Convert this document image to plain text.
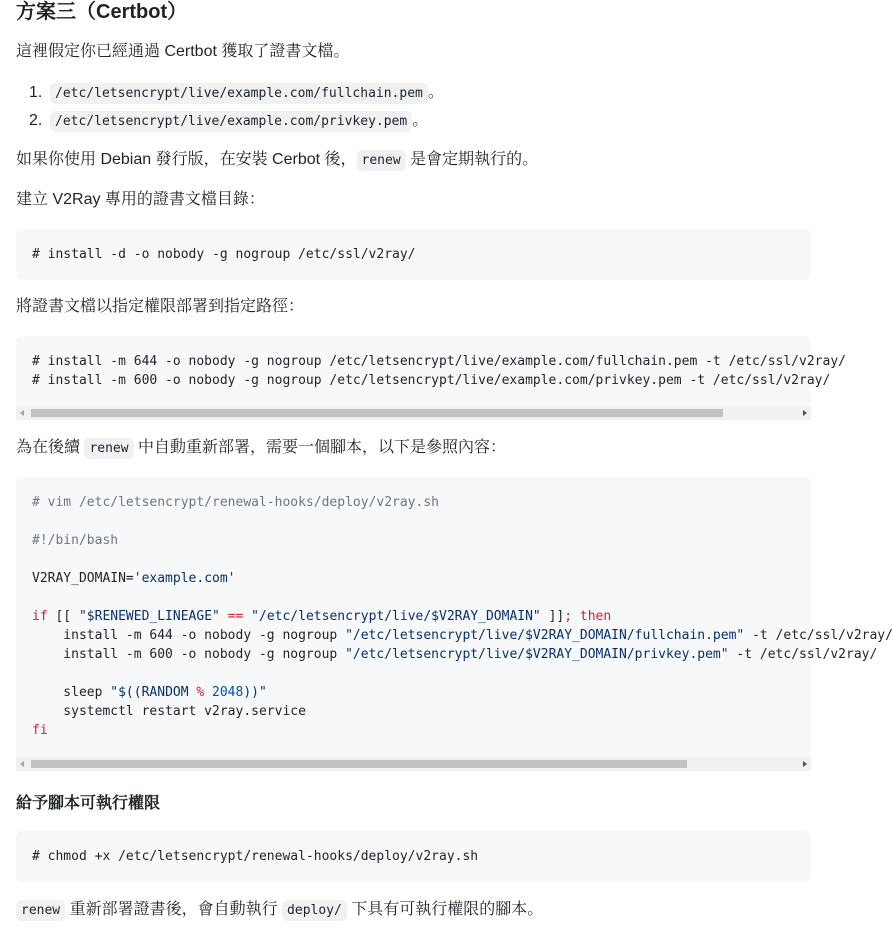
方案三（Certbot）

這裡假定你已經通過 Certbot 獲取了證書文檔。

1. /etc/letsencrypt/live/example.com/fullchain.pem 。
2. /etc/letsencrypt/live/example.com/privkey.pem 。

如果你使用 Debian 發行版，在安裝 Cerbot 後， renew 是會定期執行的。

建立 V2Ray 專用的證書文檔目錄：

# install -d -o nobody -g nogroup /etc/ssl/v2ray/

將證書文檔以指定權限部署到指定路徑：

# install -m 644 -o nobody -g nogroup /etc/letsencrypt/live/example.com/fullchain.pem -t /etc/ssl/v2ray/
# install -m 600 -o nobody -g nogroup /etc/letsencrypt/live/example.com/privkey.pem -t /etc/ssl/v2ray/

為在後續 renew 中自動重新部署，需要一個腳本，以下是參照內容：

# vim /etc/letsencrypt/renewal-hooks/deploy/v2ray.sh

#!/bin/bash

V2RAY_DOMAIN='example.com'

if [[ "$RENEWED_LINEAGE" == "/etc/letsencrypt/live/$V2RAY_DOMAIN" ]]; then
install -m 644 -o nobody -g nogroup "/etc/letsencrypt/live/$V2RAY_DOMAIN/fullchain.pem" -t /etc/ssl/v2ray/
install -m 600 -o nobody -g nogroup "/etc/letsencrypt/live/$V2RAY_DOMAIN/privkey.pem" -t /etc/ssl/v2ray/

sleep "$((RANDOM % 2048))"
systemctl restart v2ray.service
fi
給予腳本可執行權限
# chmod +x /etc/letsencrypt/renewal-hooks/deploy/v2ray.sh

renew 重新部署證書後，會自動執行 deploy/ 下具有可執行權限的腳本。
